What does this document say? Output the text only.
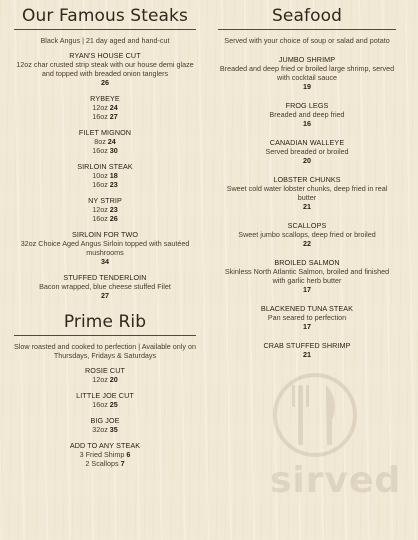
Our Famous Steaks
Black Angus | 21 day aged and hand-cut
RYAN'S HOUSE CUT
12oz char crusted strip steak with our house demi glaze and topped with breaded onion tanglers
26
RYBEYE
12oz 24
16oz 27
FILET MIGNON
8oz 24
16oz 30
SIRLOIN STEAK
10oz 18
16oz 23
NY STRIP
12oz 23
16oz 26
SIRLOIN FOR TWO
32oz Choice Aged Angus Sirloin topped with sautéed mushrooms
34
STUFFED TENDERLOIN
Bacon wrapped, blue cheese stuffed Filet
27
Prime Rib
Slow roasted and cooked to perfection | Available only on Thursdays, Fridays & Saturdays
ROSIE CUT
12oz 20
LITTLE JOE CUT
16oz 25
BIG JOE
32oz 35
ADD TO ANY STEAK
3 Fried Shimp 6
2 Scallops 7
Seafood
Served with your choice of soup or salad and potato
JUMBO SHRIMP
Breaded and deep fried or broiled large shrimp, served with cocktail sauce
19
FROG LEGS
Breaded and deep fried
16
CANADIAN WALLEYE
Served breaded or broiled
20
LOBSTER CHUNKS
Sweet cold water lobster chunks, deep fried in real butter
21
SCALLOPS
Sweet jumbo scallops, deep fried or broiled
22
BROILED SALMON
Skinless North Atlantic Salmon, broiled and finished with garlic herb butter
17
BLACKENED TUNA STEAK
Pan seared to perfection
17
CRAB STUFFED SHRIMP
21
sirved
